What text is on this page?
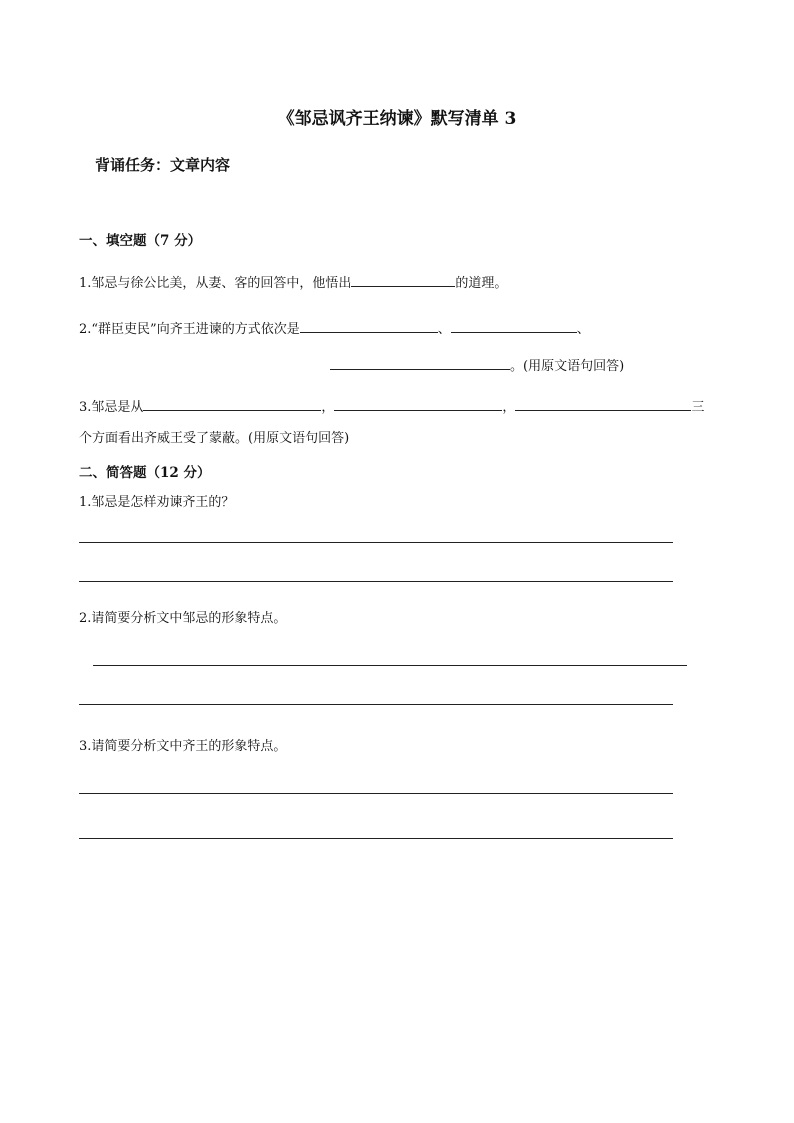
《邹忌讽齐王纳谏》默写清单 3
背诵任务：文章内容
一、填空题（7 分）
1.邹忌与徐公比美，从妻、客的回答中，他悟出	的道理。
2.“群臣吏民”向齐王进谏的方式依次是	、	、
。(用原文语句回答)
3.邹忌是从	，	，	三
个方面看出齐威王受了蒙蔽。(用原文语句回答)
二、简答题（12 分）
1.邹忌是怎样劝谏齐王的？
2.请简要分析文中邹忌的形象特点。
3.请简要分析文中齐王的形象特点。
